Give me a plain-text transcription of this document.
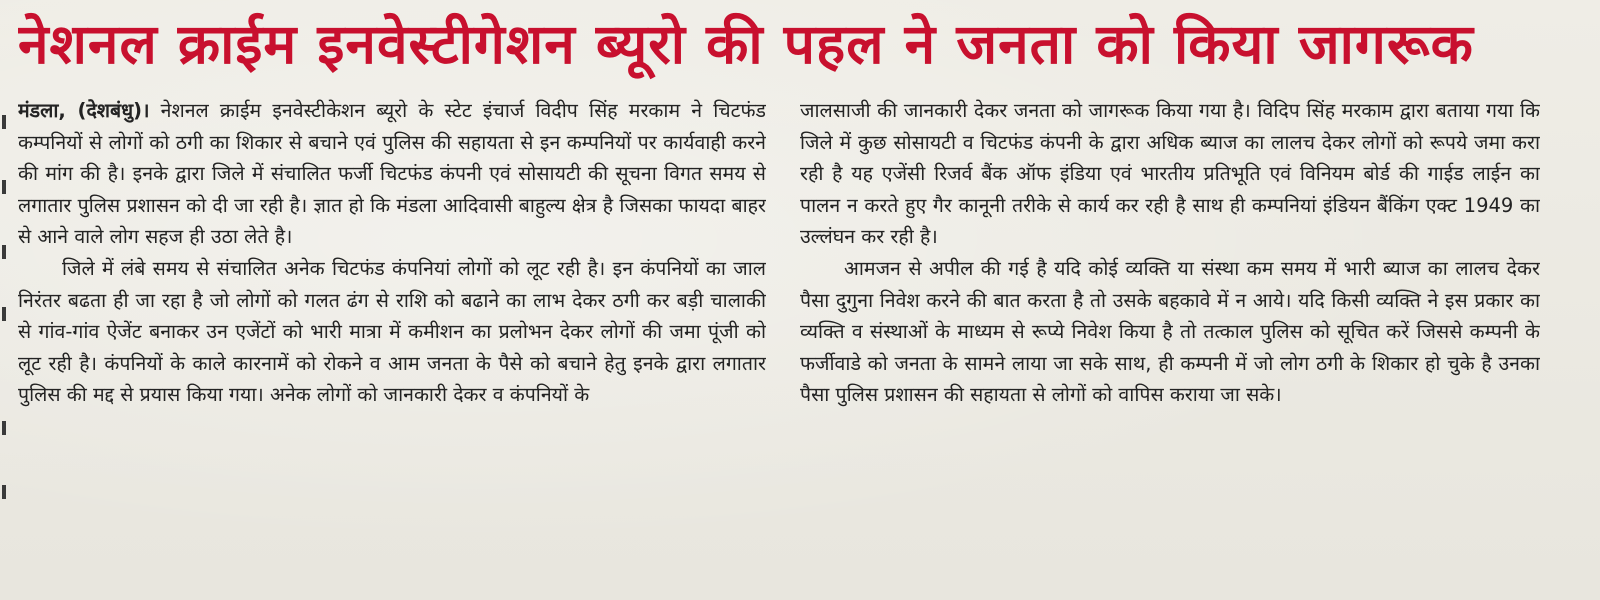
नेशनल क्राईम इनवेस्टीगेशन ब्यूरो की पहल ने जनता को किया जागरूक

मंडला, (देशबंधु)। नेशनल क्राईम इनवेस्टीकेशन ब्यूरो के स्टेट इंचार्ज विदीप सिंह मरकाम ने चिटफंड कम्पनियों से लोगों को ठगी का शिकार से बचाने एवं पुलिस की सहायता से इन कम्पनियों पर कार्यवाही करने की मांग की है। इनके द्वारा जिले में संचालित फर्जी चिटफंड कंपनी एवं सोसायटी की सूचना विगत समय से लगातार पुलिस प्रशासन को दी जा रही है। ज्ञात हो कि मंडला आदिवासी बाहुल्य क्षेत्र है जिसका फायदा बाहर से आने वाले लोग सहज ही उठा लेते है।

जिले में लंबे समय से संचालित अनेक चिटफंड कंपनियां लोगों को लूट रही है। इन कंपनियों का जाल निरंतर बढता ही जा रहा है जो लोगों को गलत ढंग से राशि को बढाने का लाभ देकर ठगी कर बड़ी चालाकी से गांव-गांव ऐजेंट बनाकर उन एजेंटों को भारी मात्रा में कमीशन का प्रलोभन देकर लोगों की जमा पूंजी को लूट रही है। कंपनियों के काले कारनामें को रोकने व आम जनता के पैसे को बचाने हेतु इनके द्वारा लगातार पुलिस की मद्द से प्रयास किया गया। अनेक लोगों को जानकारी देकर व कंपनियों के

जालसाजी की जानकारी देकर जनता को जागरूक किया गया है। विदिप सिंह मरकाम द्वारा बताया गया कि जिले में कुछ सोसायटी व चिटफंड कंपनी के द्वारा अधिक ब्याज का लालच देकर लोगों को रूपये जमा करा रही है यह एजेंसी रिजर्व बैंक ऑफ इंडिया एवं भारतीय प्रतिभूति एवं विनियम बोर्ड की गाईड लाईन का पालन न करते हुए गैर कानूनी तरीके से कार्य कर रही है साथ ही कम्पनियां इंडियन बैंकिंग एक्ट 1949 का उल्लंघन कर रही है।

आमजन से अपील की गई है यदि कोई व्यक्ति या संस्था कम समय में भारी ब्याज का लालच देकर पैसा दुगुना निवेश करने की बात करता है तो उसके बहकावे में न आये। यदि किसी व्यक्ति ने इस प्रकार का व्यक्ति व संस्थाओं के माध्यम से रूप्ये निवेश किया है तो तत्काल पुलिस को सूचित करें जिससे कम्पनी के फर्जीवाडे को जनता के सामने लाया जा सके साथ, ही कम्पनी में जो लोग ठगी के शिकार हो चुके है उनका पैसा पुलिस प्रशासन की सहायता से लोगों को वापिस कराया जा सके।
